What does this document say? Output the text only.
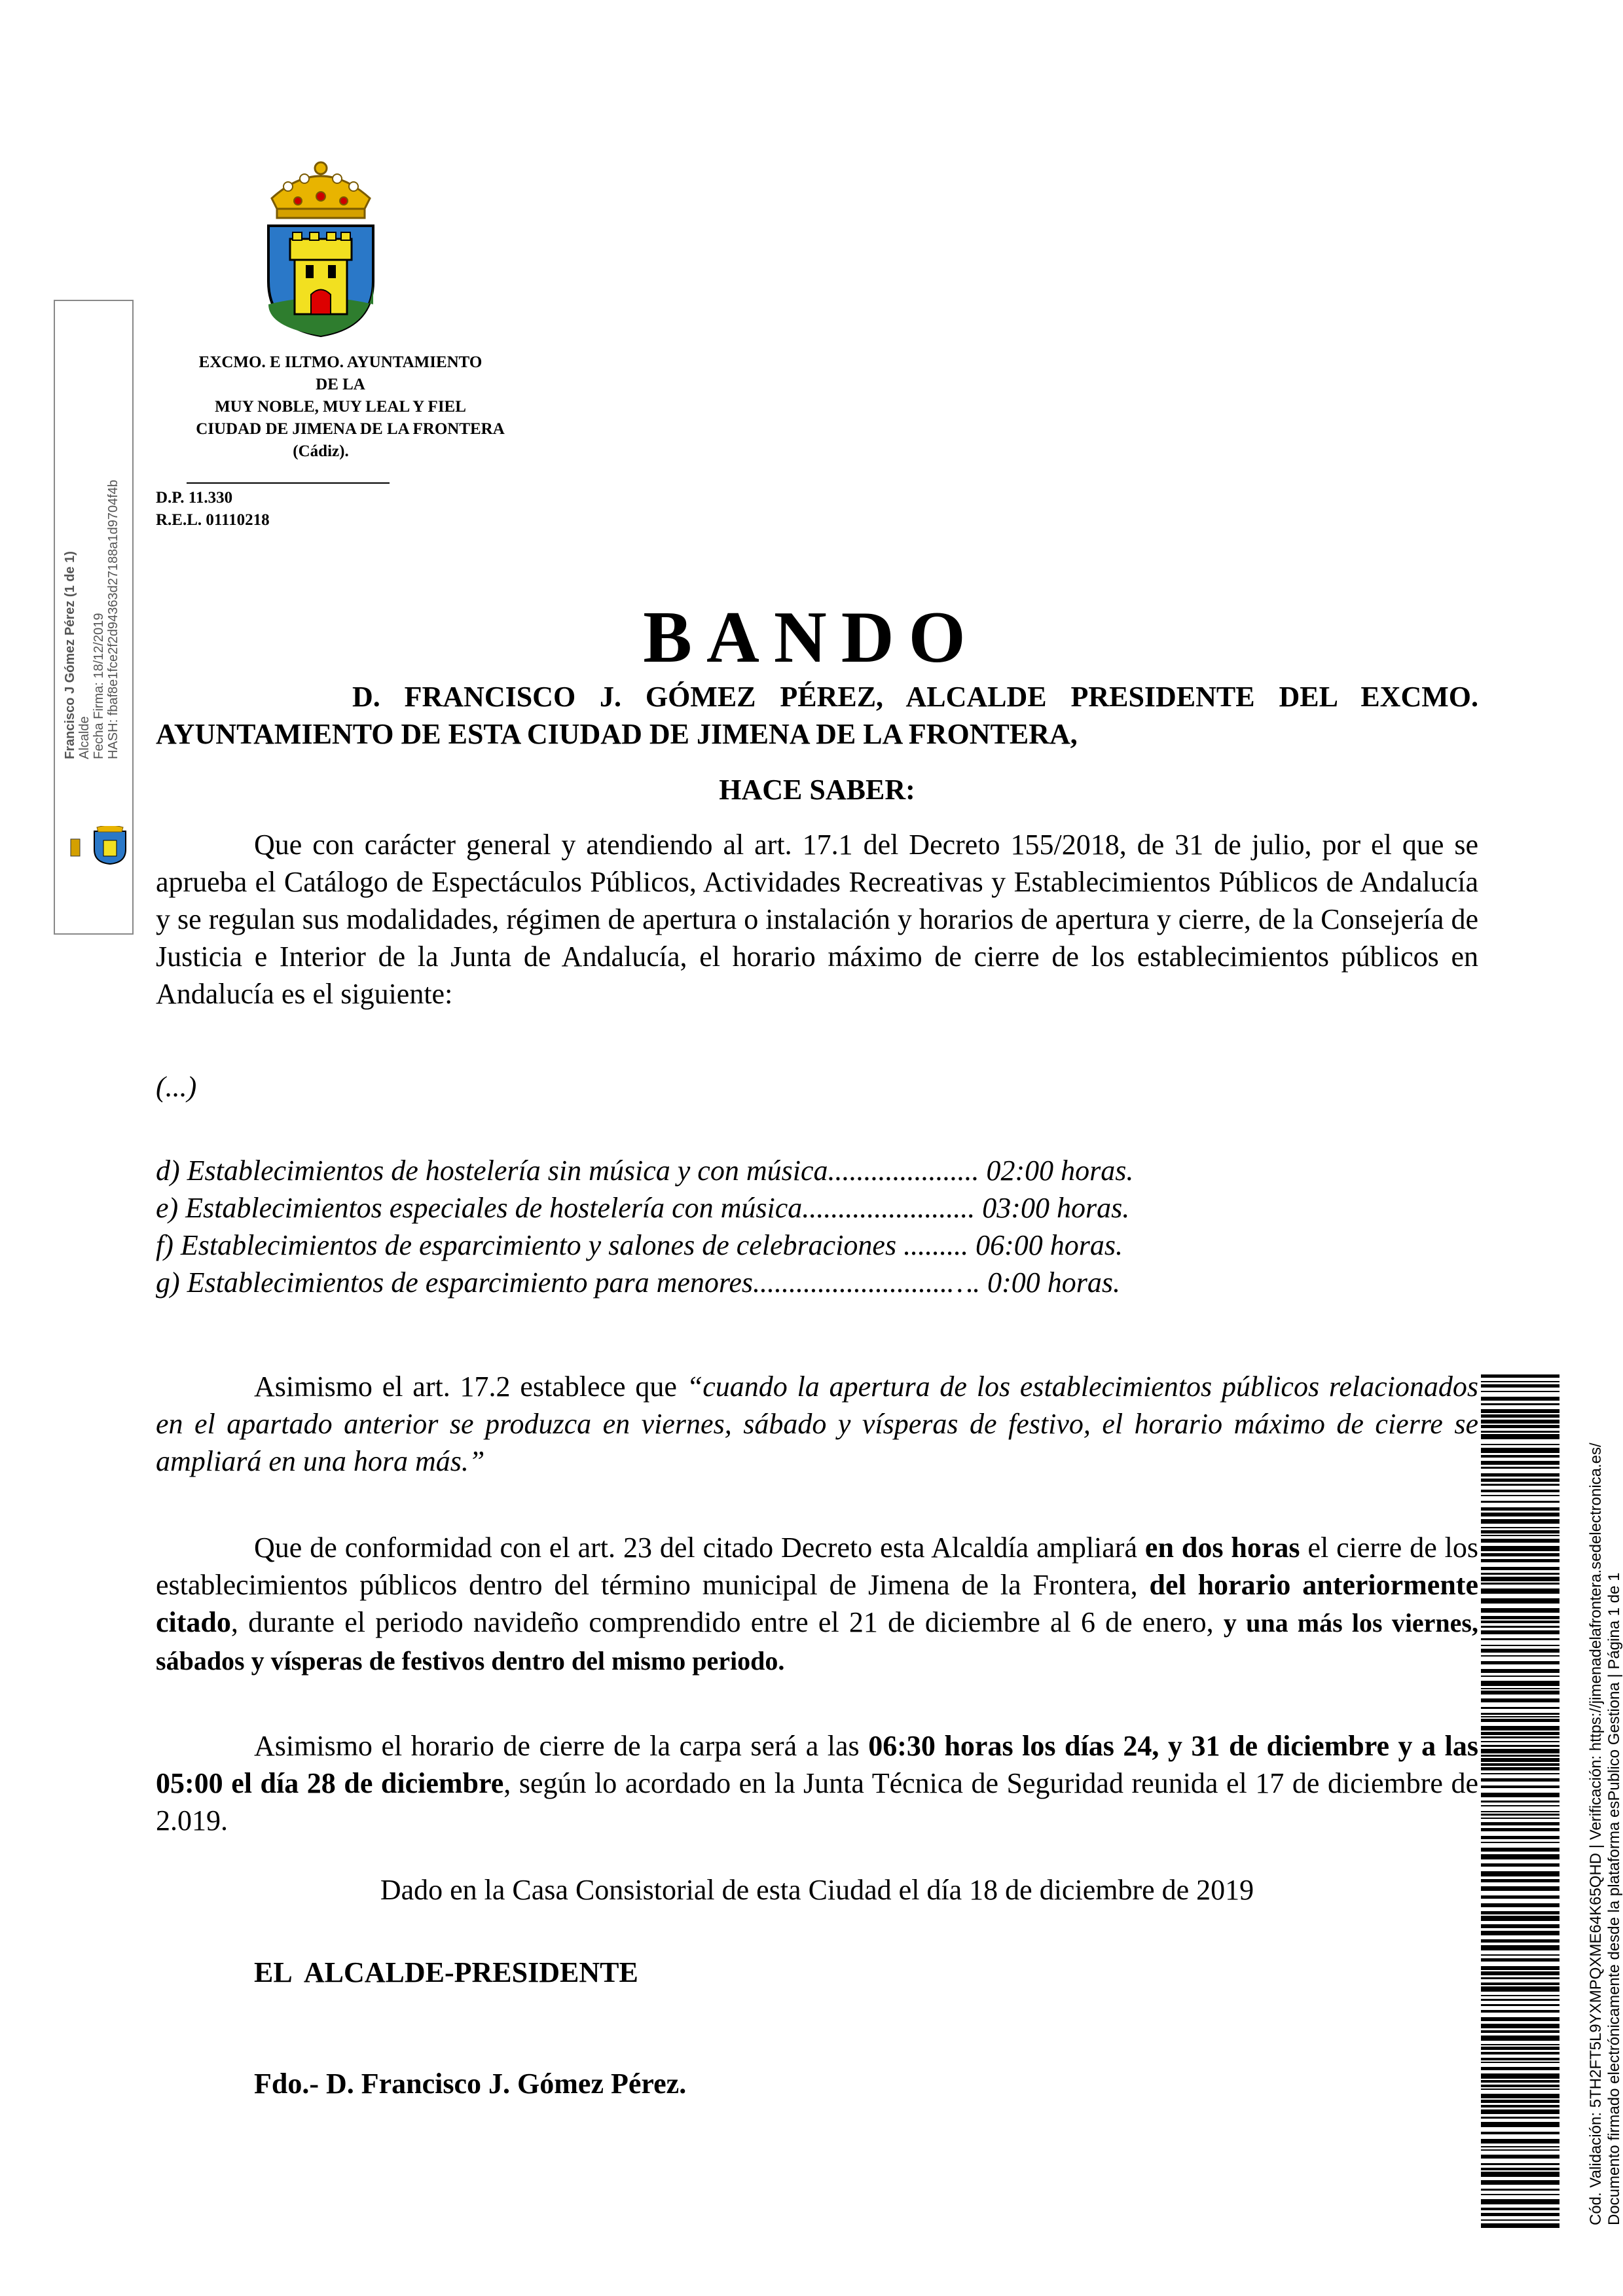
EXCMO. E ILTMO. AYUNTAMIENTO
DE LA
MUY NOBLE, MUY LEAL Y FIEL
CIUDAD DE JIMENA DE LA FRONTERA
(Cádiz).
D.P. 11.330
R.E.L. 01110218
Francisco J Gómez Pérez (1 de 1) Alcalde Fecha Firma: 18/12/2019 HASH: fbaf8e1fce2f2d94363d27188a1d9704f4b	BANDO
D. FRANCISCO J. GÓMEZ PÉREZ, ALCALDE PRESIDENTE DEL EXCMO. AYUNTAMIENTO DE ESTA CIUDAD DE JIMENA DE LA FRONTERA,
HACE SABER:
Que con carácter general y atendiendo al art. 17.1 del Decreto 155/2018, de 31 de julio, por el que se aprueba el Catálogo de Espectáculos Públicos, Actividades Recreativas y Establecimientos Públicos de Andalucía y se regulan sus modalidades, régimen de apertura o instalación y horarios de apertura y cierre, de la Consejería de Justicia e Interior de la Junta de Andalucía, el horario máximo de cierre de los establecimientos públicos en Andalucía es el siguiente:
(...)
d) Establecimientos de hostelería sin música y con música..................... 02:00 horas.
e) Establecimientos especiales de hostelería con música........................ 03:00 horas.
f) Establecimientos de esparcimiento y salones de celebraciones ......... 06:00 horas.
g) Establecimientos de esparcimiento para menores...........................…. 0:00 horas.
Asimismo el art. 17.2 establece que “cuando la apertura de los establecimientos públicos relacionados en el apartado anterior se produzca en viernes, sábado y vísperas de festivo, el horario máximo de cierre se ampliará en una hora más.”
Que de conformidad con el art. 23 del citado Decreto esta Alcaldía ampliará en dos horas el cierre de los establecimientos públicos dentro del término municipal de Jimena de la Frontera, del horario anteriormente citado, durante el periodo navideño comprendido entre el 21 de diciembre al 6 de enero, y una más los viernes, sábados y vísperas de festivos dentro del mismo periodo.
Asimismo el horario de cierre de la carpa será a las 06:30 horas los días 24, y 31 de diciembre y a las 05:00 el día 28 de diciembre, según lo acordado en la Junta Técnica de Seguridad reunida el 17 de diciembre de 2.019.
Dado en la Casa Consistorial de esta Ciudad el día 18 de diciembre de 2019
EL  ALCALDE-PRESIDENTE
Fdo.- D. Francisco J. Gómez Pérez.	Cód. Validación: 5TH2FT5L9YXMPQXME64K65QHD | Verificación: https://jimenadelafrontera.sedelectronica.es/ Documento firmado electrónicamente desde la plataforma esPublico Gestiona | Página 1 de 1
